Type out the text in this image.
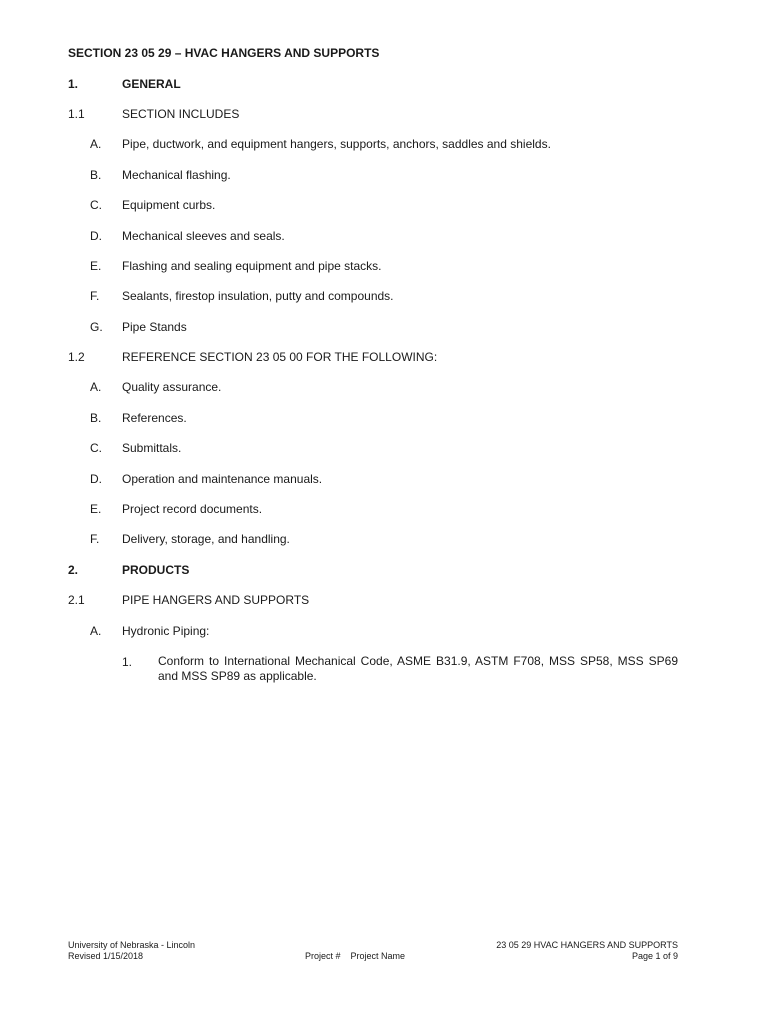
SECTION 23 05 29 – HVAC HANGERS AND SUPPORTS
1.	GENERAL
1.1	SECTION INCLUDES
A. Pipe, ductwork, and equipment hangers, supports, anchors, saddles and shields.
B. Mechanical flashing.
C. Equipment curbs.
D. Mechanical sleeves and seals.
E. Flashing and sealing equipment and pipe stacks.
F. Sealants, firestop insulation, putty and compounds.
G. Pipe Stands
1.2	REFERENCE SECTION 23 05 00 FOR THE FOLLOWING:
A. Quality assurance.
B. References.
C. Submittals.
D. Operation and maintenance manuals.
E. Project record documents.
F. Delivery, storage, and handling.
2.	PRODUCTS
2.1	PIPE HANGERS AND SUPPORTS
A. Hydronic Piping:
1. Conform to International Mechanical Code, ASME B31.9, ASTM F708, MSS SP58, MSS SP69 and MSS SP89 as applicable.
University of Nebraska - Lincoln
Revised 1/15/2018	Project #    Project Name
23 05 29 HVAC HANGERS AND SUPPORTS
Page 1 of 9
